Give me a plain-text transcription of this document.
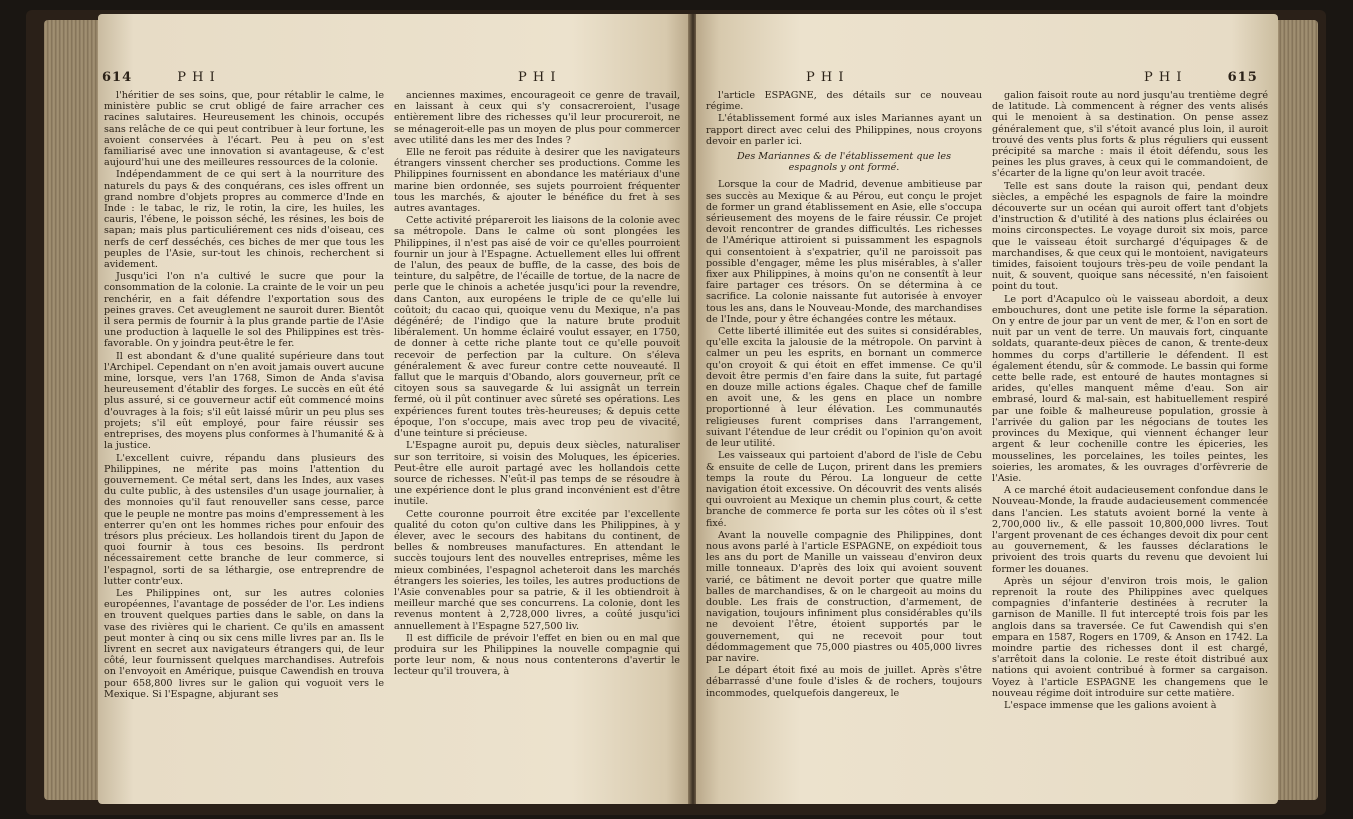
614	P H I	P H I

l'héritier de ses soins, que, pour rétablir le calme, le ministère public se crut obligé de faire arracher ces racines salutaires. Heureusement les chinois, occupés sans relâche de ce qui peut contribuer à leur fortune, les avoient conservées à l'écart. Peu à peu on s'est familiarisé avec une innovation si avantageuse, & c'est aujourd'hui une des meilleures ressources de la colonie.

Indépendamment de ce qui sert à la nourriture des naturels du pays & des conquérans, ces isles offrent un grand nombre d'objets propres au commerce d'Inde en Inde : le tabac, le riz, le rotin, la cire, les huiles, les cauris, l'ébene, le poisson séché, les résines, les bois de sapan; mais plus particuliérement ces nids d'oiseau, ces nerfs de cerf desséchés, ces biches de mer que tous les peuples de l'Asie, sur-tout les chinois, recherchent si avidement.

Jusqu'ici l'on n'a cultivé le sucre que pour la consommation de la colonie. La crainte de le voir un peu renchérir, en a fait défendre l'exportation sous des peines graves. Cet aveuglement ne sauroit durer. Bientôt il sera permis de fournir à la plus grande partie de l'Asie une production à laquelle le sol des Philippines est très-favorable. On y joindra peut-être le fer.

Il est abondant & d'une qualité supérieure dans tout l'Archipel. Cependant on n'en avoit jamais ouvert aucune mine, lorsque, vers l'an 1768, Simon de Anda s'avisa heureusement d'établir des forges. Le succès en eût été plus assuré, si ce gouverneur actif eût commencé moins d'ouvrages à la fois; s'il eût laissé mûrir un peu plus ses projets; s'il eût employé, pour faire réussir ses entreprises, des moyens plus conformes à l'humanité & à la justice.

L'excellent cuivre, répandu dans plusieurs des Philippines, ne mérite pas moins l'attention du gouvernement. Ce métal sert, dans les Indes, aux vases du culte public, à des ustensiles d'un usage journalier, à des monnoies qu'il faut renouveller sans cesse, parce que le peuple ne montre pas moins d'empressement à les enterrer qu'en ont les hommes riches pour enfouir des trésors plus précieux. Les hollandois tirent du Japon de quoi fournir à tous ces besoins. Ils perdront nécessairement cette branche de leur commerce, si l'espagnol, sorti de sa léthargie, ose entreprendre de lutter contr'eux.

Les Philippines ont, sur les autres colonies européennes, l'avantage de posséder de l'or. Les indiens en trouvent quelques parties dans le sable, on dans la vase des rivières qui le charient. Ce qu'ils en amassent peut monter à cinq ou six cens mille livres par an. Ils le livrent en secret aux navigateurs étrangers qui, de leur côté, leur fournissent quelques marchandises. Autrefois on l'envoyoit en Amérique, puisque Cawendish en trouva pour 658,800 livres sur le galion qui voguoit vers le Mexique. Si l'Espagne, abjurant ses

anciennes maximes, encourageoit ce genre de travail, en laissant à ceux qui s'y consacreroient, l'usage entièrement libre des richesses qu'il leur procureroit, ne se ménageroit-elle pas un moyen de plus pour commercer avec utilité dans les mer des Indes ?

Elle ne feroit pas réduite à desirer que les navigateurs étrangers vinssent chercher ses productions. Comme les Philippines fournissent en abondance les matériaux d'une marine bien ordonnée, ses sujets pourroient fréquenter tous les marchés, & ajouter le bénéfice du fret à ses autres avantages.

Cette activité prépareroit les liaisons de la colonie avec sa métropole. Dans le calme où sont plongées les Philippines, il n'est pas aisé de voir ce qu'elles pourroient fournir un jour à l'Espagne. Actuellement elles lui offrent de l'alun, des peaux de buffle, de la casse, des bois de teinture, du salpêtre, de l'écaille de tortue, de la nacre de perle que le chinois a achetée jusqu'ici pour la revendre, dans Canton, aux européens le triple de ce qu'elle lui coûtoit; du cacao qui, quoique venu du Mexique, n'a pas dégénéré; de l'indigo que la nature brute produit libéralement. Un homme éclairé voulut essayer, en 1750, de donner à cette riche plante tout ce qu'elle pouvoit recevoir de perfection par la culture. On s'éleva généralement & avec fureur contre cette nouveauté. Il fallut que le marquis d'Obando, alors gouverneur, prît ce citoyen sous sa sauvegarde & lui assignât un terrein fermé, où il pût continuer avec sûreté ses opérations. Les expériences furent toutes très-heureuses; & depuis cette époque, l'on s'occupe, mais avec trop peu de vivacité, d'une teinture si précieuse.

L'Espagne auroit pu, depuis deux siècles, naturaliser sur son territoire, si voisin des Moluques, les épiceries. Peut-être elle auroit partagé avec les hollandois cette source de richesses. N'eût-il pas temps de se résoudre à une expérience dont le plus grand inconvénient est d'être inutile.

Cette couronne pourroit être excitée par l'excellente qualité du coton qu'on cultive dans les Philippines, à y élever, avec le secours des habitans du continent, de belles & nombreuses manufactures. En attendant le succès toujours lent des nouvelles entreprises, même les mieux combinées, l'espagnol acheteroit dans les marchés étrangers les soieries, les toiles, les autres productions de l'Asie convenables pour sa patrie, & il les obtiendroit à meilleur marché que ses concurrens. La colonie, dont les revenus montent à 2,728,000 livres, a coûté jusqu'ici annuellement à l'Espagne 527,500 liv.

Il est difficile de prévoir l'effet en bien ou en mal que produira sur les Philippines la nouvelle compagnie qui porte leur nom, & nous nous contenterons d'avertir le lecteur qu'il trouvera, à

P H I	P H I	615

l'article ESPAGNE, des détails sur ce nouveau régime.

L'établissement formé aux isles Mariannes ayant un rapport direct avec celui des Philippines, nous croyons devoir en parler ici.

Des Mariannes & de l'établissement que les espagnols y ont formé.

Lorsque la cour de Madrid, devenue ambitieuse par ses succès au Mexique & au Pérou, eut conçu le projet de former un grand établissement en Asie, elle s'occupa sérieusement des moyens de le faire réussir. Ce projet devoit rencontrer de grandes difficultés. Les richesses de l'Amérique attiroient si puissamment les espagnols qui consentoient à s'expatrier, qu'il ne paroissoit pas possible d'engager, même les plus misérables, à s'aller fixer aux Philippines, à moins qu'on ne consentît à leur faire partager ces trésors. On se détermina à ce sacrifice. La colonie naissante fut autorisée à envoyer tous les ans, dans le Nouveau-Monde, des marchandises de l'Inde, pour y être échangées contre les métaux.

Cette liberté illimitée eut des suites si considérables, qu'elle excita la jalousie de la métropole. On parvint à calmer un peu les esprits, en bornant un commerce qu'on croyoit & qui étoit en effet immense. Ce qu'il devoit être permis d'en faire dans la suite, fut partagé en douze mille actions égales. Chaque chef de famille en avoit une, & les gens en place un nombre proportionné à leur élévation. Les communautés religieuses furent comprises dans l'arrangement, suivant l'étendue de leur crédit ou l'opinion qu'on avoit de leur utilité.

Les vaisseaux qui partoient d'abord de l'isle de Cebu & ensuite de celle de Luçon, prirent dans les premiers temps la route du Pérou. La longueur de cette navigation étoit excessive. On découvrit des vents alisés qui ouvroient au Mexique un chemin plus court, & cette branche de commerce fe porta sur les côtes où il s'est fixé.

Avant la nouvelle compagnie des Philippines, dont nous avons parlé à l'article ESPAGNE, on expédioit tous les ans du port de Manille un vaisseau d'environ deux mille tonneaux. D'après des loix qui avoient souvent varié, ce bâtiment ne devoit porter que quatre mille balles de marchandises, & on le chargeoit au moins du double. Les frais de construction, d'armement, de navigation, toujours infiniment plus considérables qu'ils ne devoient l'être, étoient supportés par le gouvernement, qui ne recevoit pour tout dédommagement que 75,000 piastres ou 405,000 livres par navire.

Le départ étoit fixé au mois de juillet. Après s'être débarrassé d'une foule d'isles & de rochers, toujours incommodes, quelquefois dangereux, le

galion faisoit route au nord jusqu'au trentième degré de latitude. Là commencent à régner des vents alisés qui le menoient à sa destination. On pense assez généralement que, s'il s'étoit avancé plus loin, il auroit trouvé des vents plus forts & plus réguliers qui eussent précipité sa marche : mais il étoit défendu, sous les peines les plus graves, à ceux qui le commandoient, de s'écarter de la ligne qu'on leur avoit tracée.

Telle est sans doute la raison qui, pendant deux siècles, a empêché les espagnols de faire la moindre découverte sur un océan qui auroit offert tant d'objets d'instruction & d'utilité à des nations plus éclairées ou moins circonspectes. Le voyage duroit six mois, parce que le vaisseau étoit surchargé d'équipages & de marchandises, & que ceux qui le montoient, navigateurs timides, faisoient toujours très-peu de voile pendant la nuit, & souvent, quoique sans nécessité, n'en faisoient point du tout.

Le port d'Acapulco où le vaisseau abordoit, a deux embouchures, dont une petite isle forme la séparation. On y entre de jour par un vent de mer, & l'on en sort de nuit par un vent de terre. Un mauvais fort, cinquante soldats, quarante-deux pièces de canon, & trente-deux hommes du corps d'artillerie le défendent. Il est également étendu, sûr & commode. Le bassin qui forme cette belle rade, est entouré de hautes montagnes si arides, qu'elles manquent même d'eau. Son air embrasé, lourd & mal-sain, est habituellement respiré par une foible & malheureuse population, grossie à l'arrivée du galion par les négocians de toutes les provinces du Mexique, qui viennent échanger leur argent & leur cochenille contre les épiceries, les mousselines, les porcelaines, les toiles peintes, les soieries, les aromates, & les ouvrages d'orfèvrerie de l'Asie.

A ce marché étoit audacieusement confondue dans le Nouveau-Monde, la fraude audacieusement commencée dans l'ancien. Les statuts avoient borné la vente à 2,700,000 liv., & elle passoit 10,800,000 livres. Tout l'argent provenant de ces échanges devoit dix pour cent au gouvernement, & les fausses déclarations le privoient des trois quarts du revenu que devoient lui former les douanes.

Après un séjour d'environ trois mois, le galion reprenoit la route des Philippines avec quelques compagnies d'infanterie destinées à recruter la garnison de Manille. Il fut intercepté trois fois par les anglois dans sa traversée. Ce fut Cawendish qui s'en empara en 1587, Rogers en 1709, & Anson en 1742. La moindre partie des richesses dont il est chargé, s'arrêtoit dans la colonie. Le reste étoit distribué aux nations qui avoient contribué à former sa cargaison. Voyez à l'article ESPAGNE les changemens que le nouveau régime doit introduire sur cette matière.

L'espace immense que les galions avoient à
